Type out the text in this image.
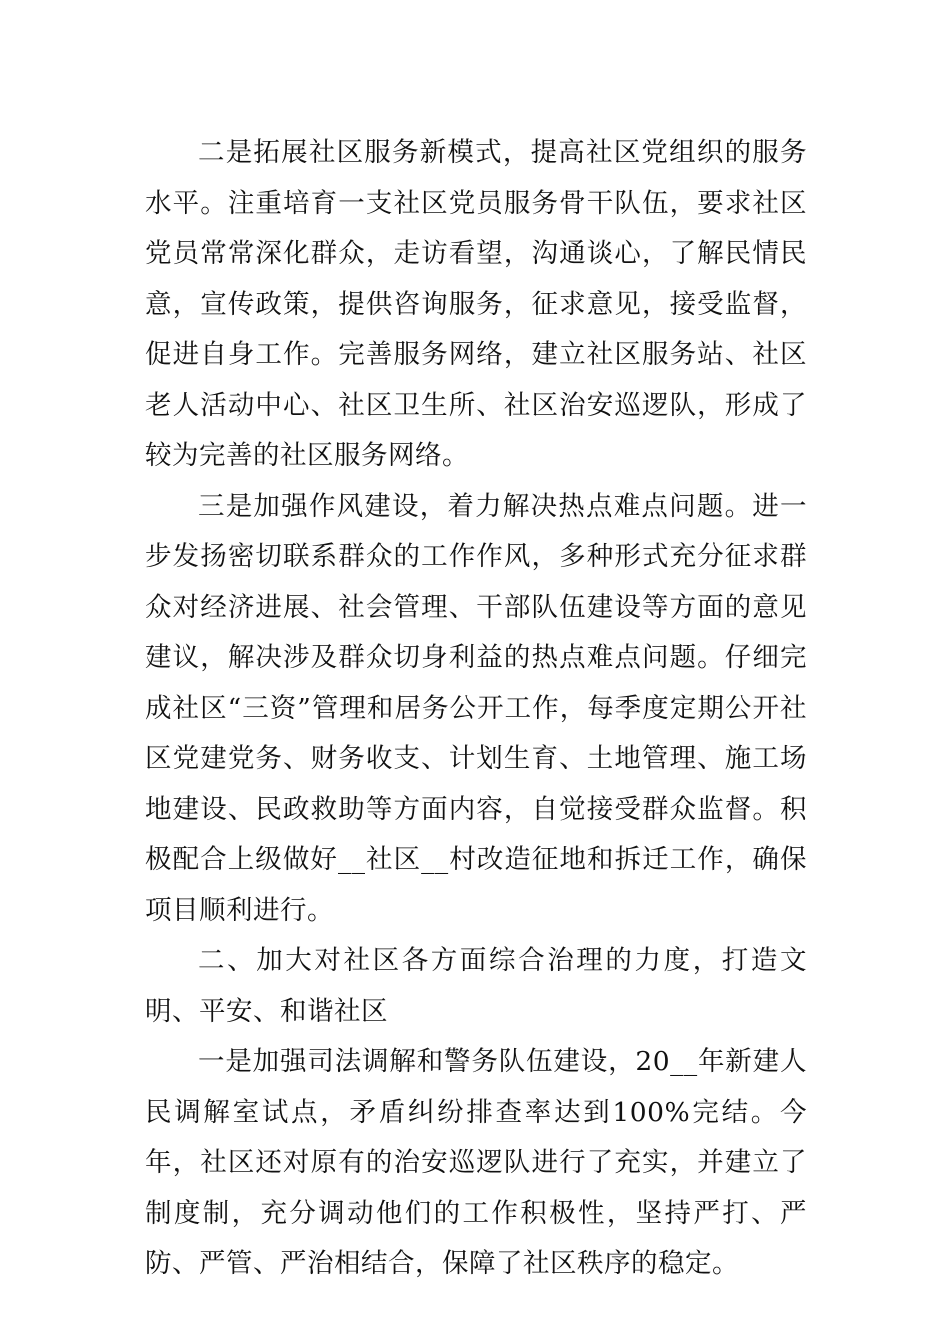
二是拓展社区服务新模式，提高社区党组织的服务水平。注重培育一支社区党员服务骨干队伍，要求社区党员常常深化群众，走访看望，沟通谈心，了解民情民意，宣传政策，提供咨询服务，征求意见，接受监督，促进自身工作。完善服务网络，建立社区服务站、社区老人活动中心、社区卫生所、社区治安巡逻队，形成了较为完善的社区服务网络。

三是加强作风建设，着力解决热点难点问题。进一步发扬密切联系群众的工作作风，多种形式充分征求群众对经济进展、社会管理、干部队伍建设等方面的意见建议，解决涉及群众切身利益的热点难点问题。仔细完成社区“三资”管理和居务公开工作，每季度定期公开社区党建党务、财务收支、计划生育、土地管理、施工场地建设、民政救助等方面内容，自觉接受群众监督。积极配合上级做好__社区__村改造征地和拆迁工作，确保项目顺利进行。

二、加大对社区各方面综合治理的力度，打造文明、平安、和谐社区

一是加强司法调解和警务队伍建设，20__年新建人民调解室试点，矛盾纠纷排查率达到100%完结。今年，社区还对原有的治安巡逻队进行了充实，并建立了制度制，充分调动他们的工作积极性，坚持严打、严防、严管、严治相结合，保障了社区秩序的稳定。
